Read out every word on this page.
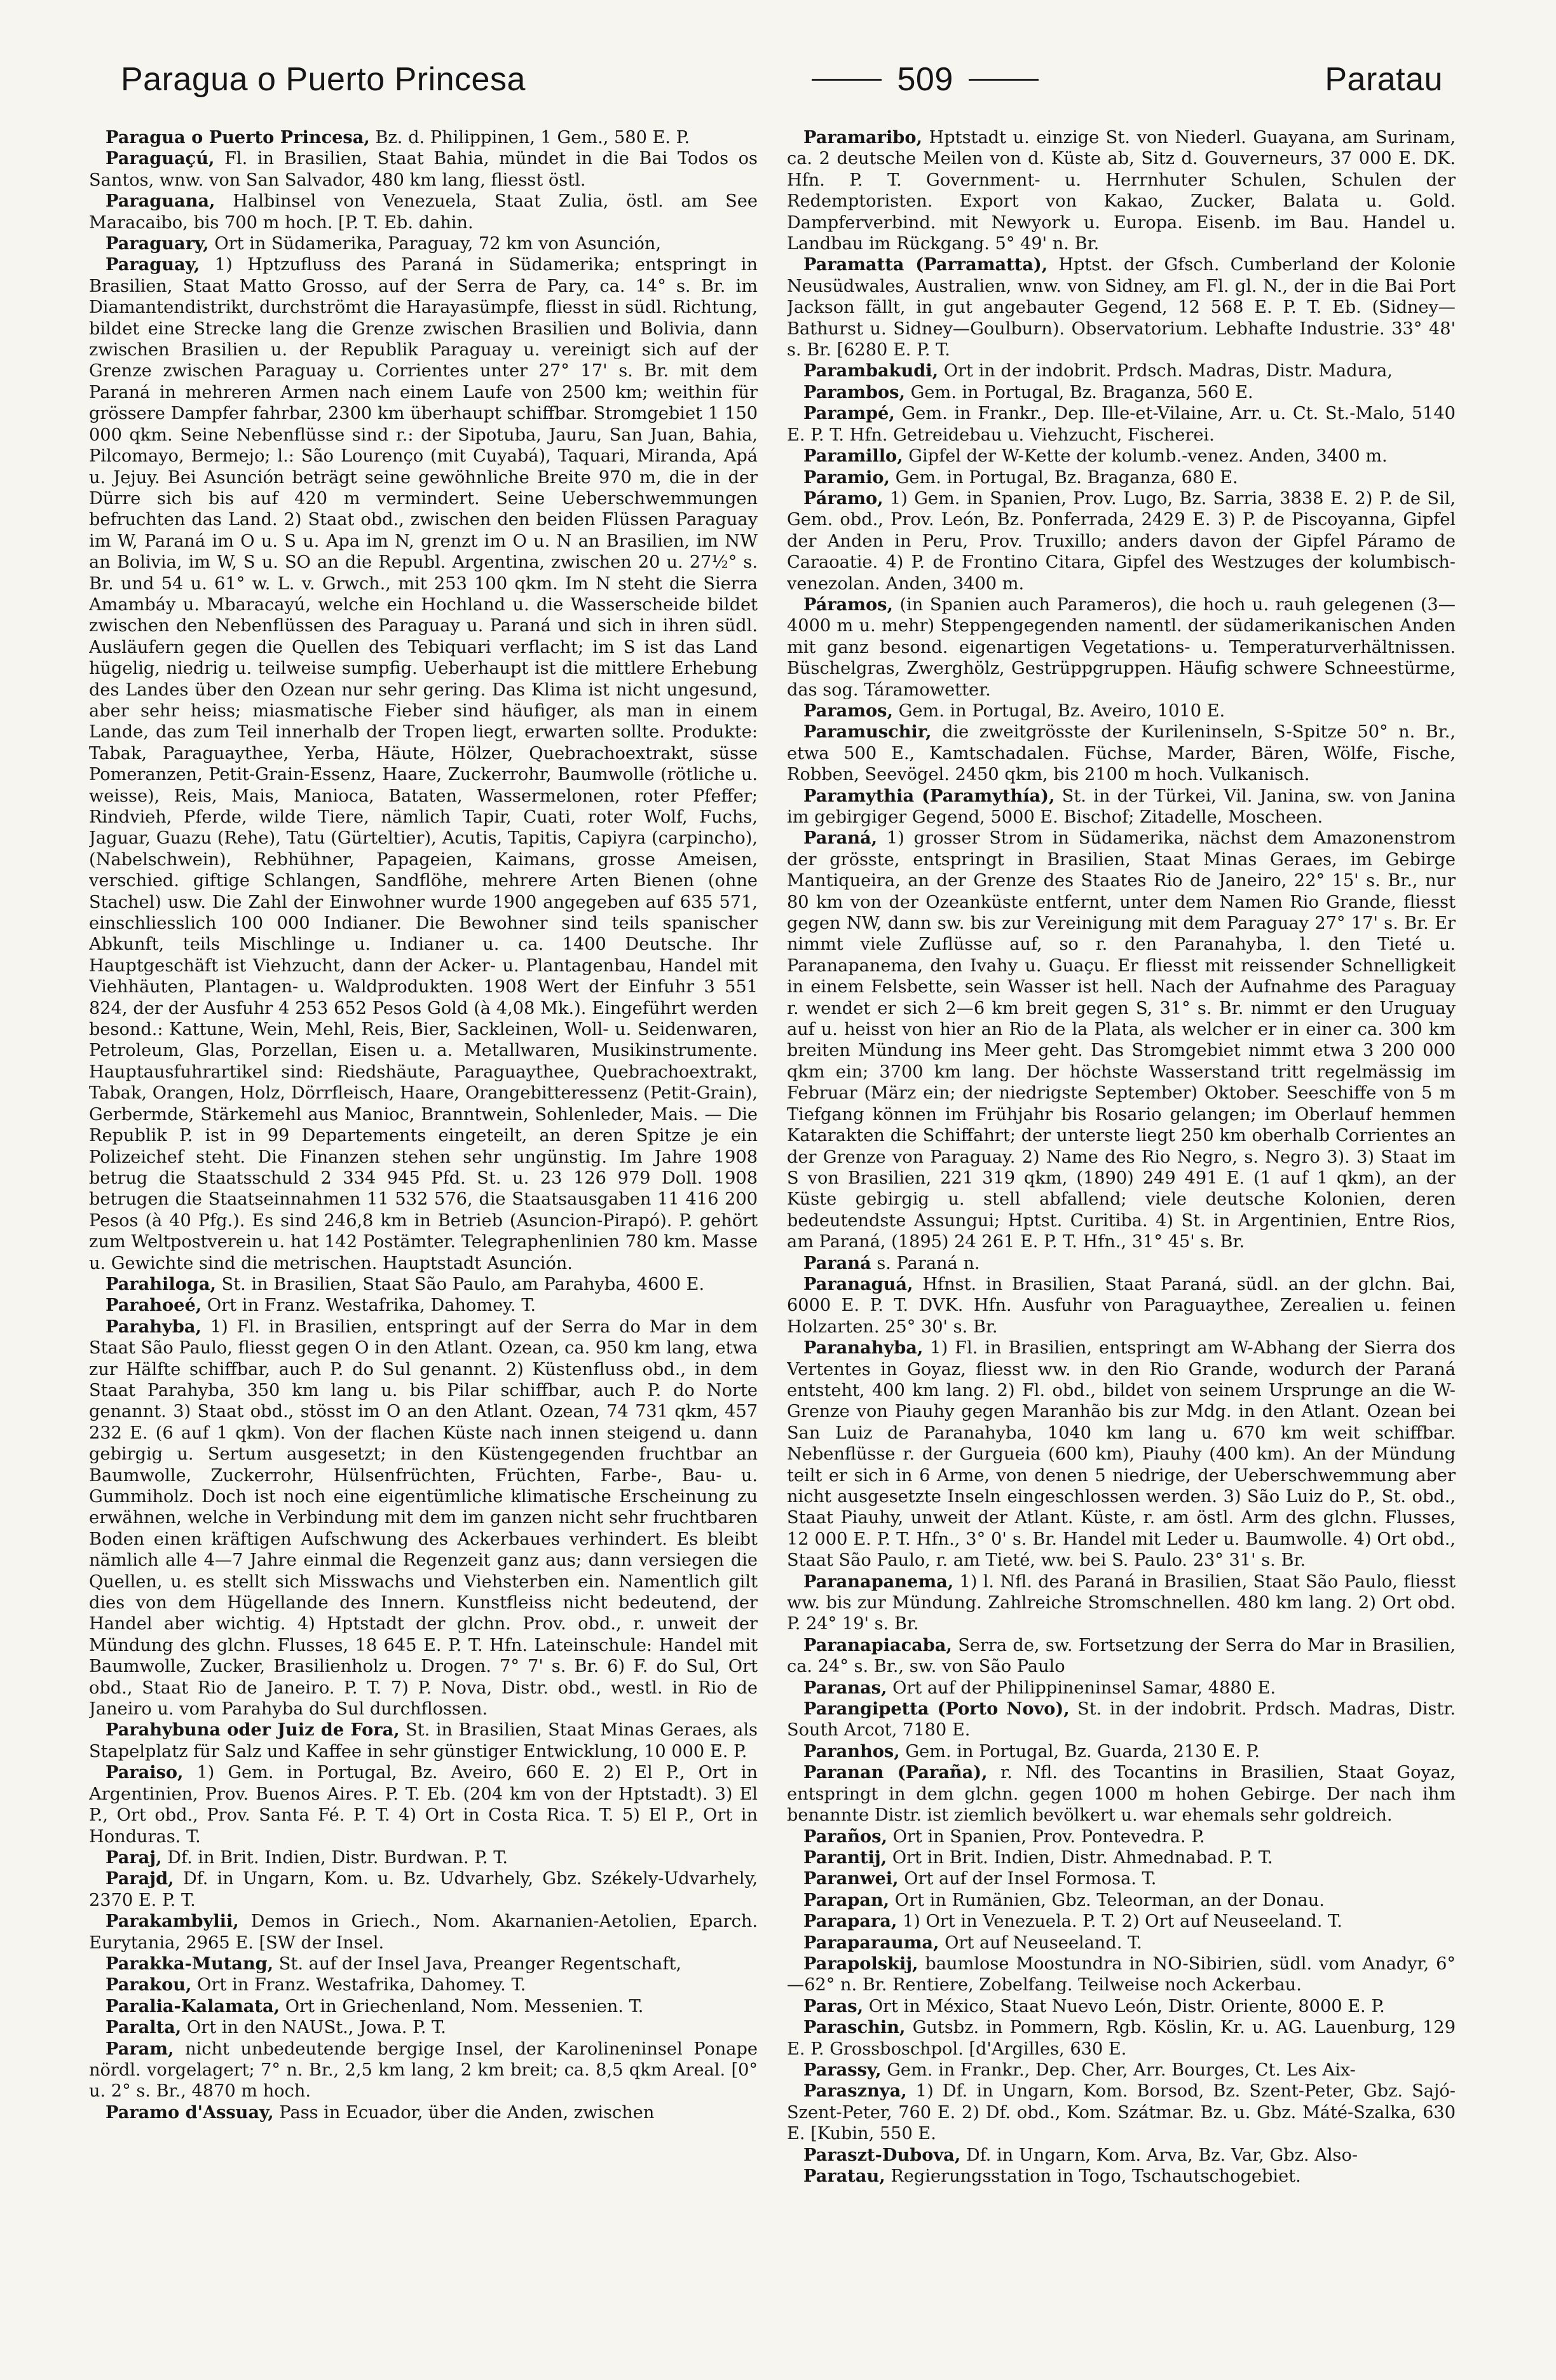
Paragua o Puerto Princesa	509	Paratau

Paragua o Puerto Princesa, Bz. d. Philippinen, 1 Gem., 580 E. P.

Paraguaçú, Fl. in Brasilien, Staat Bahia, mündet in die Bai Todos os Santos, wnw. von San Salvador, 480 km lang, fliesst östl.

Paraguana, Halbinsel von Venezuela, Staat Zulia, östl. am See Maracaibo, bis 700 m hoch. [P. T. Eb. dahin.

Paraguary, Ort in Südamerika, Paraguay, 72 km von Asunción,

Paraguay, 1) Hptzufluss des Paraná in Südamerika; entspringt in Brasilien, Staat Matto Grosso, auf der Serra de Pary, ca. 14° s. Br. im Diamantendistrikt, durchströmt die Harayasümpfe, fliesst in südl. Richtung, bildet eine Strecke lang die Grenze zwischen Brasilien und Bolivia, dann zwischen Brasilien u. der Republik Paraguay u. vereinigt sich auf der Grenze zwischen Paraguay u. Corrientes unter 27° 17' s. Br. mit dem Paraná in mehreren Armen nach einem Laufe von 2500 km; weithin für grössere Dampfer fahrbar, 2300 km überhaupt schiffbar. Stromgebiet 1 150 000 qkm. Seine Nebenflüsse sind r.: der Sipotuba, Jauru, San Juan, Bahia, Pilcomayo, Bermejo; l.: São Lourenço (mit Cuyabá), Taquari, Miranda, Apá u. Jejuy. Bei Asunción beträgt seine gewöhnliche Breite 970 m, die in der Dürre sich bis auf 420 m vermindert. Seine Ueberschwemmungen befruchten das Land. 2) Staat obd., zwischen den beiden Flüssen Paraguay im W, Paraná im O u. S u. Apa im N, grenzt im O u. N an Brasilien, im NW an Bolivia, im W, S u. SO an die Republ. Argentina, zwischen 20 u. 27½° s. Br. und 54 u. 61° w. L. v. Grwch., mit 253 100 qkm. Im N steht die Sierra Amambáy u. Mbaracayú, welche ein Hochland u. die Wasserscheide bildet zwischen den Nebenflüssen des Paraguay u. Paraná und sich in ihren südl. Ausläufern gegen die Quellen des Tebiquari verflacht; im S ist das Land hügelig, niedrig u. teilweise sumpfig. Ueberhaupt ist die mittlere Erhebung des Landes über den Ozean nur sehr gering. Das Klima ist nicht ungesund, aber sehr heiss; miasmatische Fieber sind häufiger, als man in einem Lande, das zum Teil innerhalb der Tropen liegt, erwarten sollte. Produkte: Tabak, Paraguaythee, Yerba, Häute, Hölzer, Quebrachoextrakt, süsse Pomeranzen, Petit-Grain-Essenz, Haare, Zuckerrohr, Baumwolle (rötliche u. weisse), Reis, Mais, Manioca, Bataten, Wassermelonen, roter Pfeffer; Rindvieh, Pferde, wilde Tiere, nämlich Tapir, Cuati, roter Wolf, Fuchs, Jaguar, Guazu (Rehe), Tatu (Gürteltier), Acutis, Tapitis, Capiyra (carpincho), (Nabelschwein), Rebhühner, Papageien, Kaimans, grosse Ameisen, verschied. giftige Schlangen, Sandflöhe, mehrere Arten Bienen (ohne Stachel) usw. Die Zahl der Einwohner wurde 1900 angegeben auf 635 571, einschliesslich 100 000 Indianer. Die Bewohner sind teils spanischer Abkunft, teils Mischlinge u. Indianer u. ca. 1400 Deutsche. Ihr Hauptgeschäft ist Viehzucht, dann der Acker- u. Plantagenbau, Handel mit Viehhäuten, Plantagen- u. Waldprodukten. 1908 Wert der Einfuhr 3 551 824, der der Ausfuhr 4 253 652 Pesos Gold (à 4,08 Mk.). Eingeführt werden besond.: Kattune, Wein, Mehl, Reis, Bier, Sackleinen, Woll- u. Seidenwaren, Petroleum, Glas, Porzellan, Eisen u. a. Metallwaren, Musikinstrumente. Hauptausfuhrartikel sind: Riedshäute, Paraguaythee, Quebrachoextrakt, Tabak, Orangen, Holz, Dörrfleisch, Haare, Orangebitteressenz (Petit-Grain), Gerbermde, Stärkemehl aus Manioc, Branntwein, Sohlenleder, Mais. — Die Republik P. ist in 99 Departements eingeteilt, an deren Spitze je ein Polizeichef steht. Die Finanzen stehen sehr ungünstig. Im Jahre 1908 betrug die Staatsschuld 2 334 945 Pfd. St. u. 23 126 979 Doll. 1908 betrugen die Staatseinnahmen 11 532 576, die Staatsausgaben 11 416 200 Pesos (à 40 Pfg.). Es sind 246,8 km in Betrieb (Asuncion-Pirapó). P. gehört zum Weltpostverein u. hat 142 Postämter. Telegraphenlinien 780 km. Masse u. Gewichte sind die metrischen. Hauptstadt Asunción.

Parahiloga, St. in Brasilien, Staat São Paulo, am Parahyba, 4600 E.

Parahoeé, Ort in Franz. Westafrika, Dahomey. T.

Parahyba, 1) Fl. in Brasilien, entspringt auf der Serra do Mar in dem Staat São Paulo, fliesst gegen O in den Atlant. Ozean, ca. 950 km lang, etwa zur Hälfte schiffbar, auch P. do Sul genannt. 2) Küstenfluss obd., in dem Staat Parahyba, 350 km lang u. bis Pilar schiffbar, auch P. do Norte genannt. 3) Staat obd., stösst im O an den Atlant. Ozean, 74 731 qkm, 457 232 E. (6 auf 1 qkm). Von der flachen Küste nach innen steigend u. dann gebirgig u. Sertum ausgesetzt; in den Küstengegenden fruchtbar an Baumwolle, Zuckerrohr, Hülsenfrüchten, Früchten, Farbe-, Bau- u. Gummiholz. Doch ist noch eine eigentümliche klimatische Erscheinung zu erwähnen, welche in Verbindung mit dem im ganzen nicht sehr fruchtbaren Boden einen kräftigen Aufschwung des Ackerbaues verhindert. Es bleibt nämlich alle 4—7 Jahre einmal die Regenzeit ganz aus; dann versiegen die Quellen, u. es stellt sich Misswachs und Viehsterben ein. Namentlich gilt dies von dem Hügellande des Innern. Kunstfleiss nicht bedeutend, der Handel aber wichtig. 4) Hptstadt der glchn. Prov. obd., r. unweit der Mündung des glchn. Flusses, 18 645 E. P. T. Hfn. Lateinschule: Handel mit Baumwolle, Zucker, Brasilienholz u. Drogen. 7° 7' s. Br. 6) F. do Sul, Ort obd., Staat Rio de Janeiro. P. T. 7) P. Nova, Distr. obd., westl. in Rio de Janeiro u. vom Parahyba do Sul durchflossen.

Parahybuna oder Juiz de Fora, St. in Brasilien, Staat Minas Geraes, als Stapelplatz für Salz und Kaffee in sehr günstiger Entwicklung, 10 000 E. P.

Paraiso, 1) Gem. in Portugal, Bz. Aveiro, 660 E. 2) El P., Ort in Argentinien, Prov. Buenos Aires. P. T. Eb. (204 km von der Hptstadt). 3) El P., Ort obd., Prov. Santa Fé. P. T. 4) Ort in Costa Rica. T. 5) El P., Ort in Honduras. T.

Paraj, Df. in Brit. Indien, Distr. Burdwan. P. T.

Parajd, Df. in Ungarn, Kom. u. Bz. Udvarhely, Gbz. Székely-Udvarhely, 2370 E. P. T.

Parakambylii, Demos in Griech., Nom. Akarnanien-Aetolien, Eparch. Eurytania, 2965 E. [SW der Insel.

Parakka-Mutang, St. auf der Insel Java, Preanger Regentschaft,

Parakou, Ort in Franz. Westafrika, Dahomey. T.

Paralia-Kalamata, Ort in Griechenland, Nom. Messenien. T.

Paralta, Ort in den NAUSt., Jowa. P. T.

Param, nicht unbedeutende bergige Insel, der Karolineninsel Ponape nördl. vorgelagert; 7° n. Br., 2,5 km lang, 2 km breit; ca. 8,5 qkm Areal. [0° u. 2° s. Br., 4870 m hoch.

Paramo d'Assuay, Pass in Ecuador, über die Anden, zwischen

Paramaribo, Hptstadt u. einzige St. von Niederl. Guayana, am Surinam, ca. 2 deutsche Meilen von d. Küste ab, Sitz d. Gouverneurs, 37 000 E. DK. Hfn. P. T. Government- u. Herrnhuter Schulen, Schulen der Redemptoristen. Export von Kakao, Zucker, Balata u. Gold. Dampferverbind. mit Newyork u. Europa. Eisenb. im Bau. Handel u. Landbau im Rückgang. 5° 49' n. Br.

Paramatta (Parramatta), Hptst. der Gfsch. Cumberland der Kolonie Neusüdwales, Australien, wnw. von Sidney, am Fl. gl. N., der in die Bai Port Jackson fällt, in gut angebauter Gegend, 12 568 E. P. T. Eb. (Sidney—Bathurst u. Sidney—Goulburn). Observatorium. Lebhafte Industrie. 33° 48' s. Br. [6280 E. P. T.

Parambakudi, Ort in der indobrit. Prdsch. Madras, Distr. Madura,

Parambos, Gem. in Portugal, Bz. Braganza, 560 E.

Parampé, Gem. in Frankr., Dep. Ille-et-Vilaine, Arr. u. Ct. St.-Malo, 5140 E. P. T. Hfn. Getreidebau u. Viehzucht, Fischerei.

Paramillo, Gipfel der W-Kette der kolumb.-venez. Anden, 3400 m.

Paramio, Gem. in Portugal, Bz. Braganza, 680 E.

Páramo, 1) Gem. in Spanien, Prov. Lugo, Bz. Sarria, 3838 E. 2) P. de Sil, Gem. obd., Prov. León, Bz. Ponferrada, 2429 E. 3) P. de Piscoyanna, Gipfel der Anden in Peru, Prov. Truxillo; anders davon der Gipfel Páramo de Caraoatie. 4) P. de Frontino Citara, Gipfel des Westzuges der kolumbisch-venezolan. Anden, 3400 m.

Páramos, (in Spanien auch Parameros), die hoch u. rauh gelegenen (3—4000 m u. mehr) Steppengegenden namentl. der südamerikanischen Anden mit ganz besond. eigenartigen Vegetations- u. Temperaturverhältnissen. Büschelgras, Zwerghölz, Gestrüppgruppen. Häufig schwere Schneestürme, das sog. Táramowetter.

Paramos, Gem. in Portugal, Bz. Aveiro, 1010 E.

Paramuschir, die zweitgrösste der Kurileninseln, S-Spitze 50° n. Br., etwa 500 E., Kamtschadalen. Füchse, Marder, Bären, Wölfe, Fische, Robben, Seevögel. 2450 qkm, bis 2100 m hoch. Vulkanisch.

Paramythia (Paramythía), St. in der Türkei, Vil. Janina, sw. von Janina im gebirgiger Gegend, 5000 E. Bischof; Zitadelle, Moscheen.

Paraná, 1) grosser Strom in Südamerika, nächst dem Amazonenstrom der grösste, entspringt in Brasilien, Staat Minas Geraes, im Gebirge Mantiqueira, an der Grenze des Staates Rio de Janeiro, 22° 15' s. Br., nur 80 km von der Ozeanküste entfernt, unter dem Namen Rio Grande, fliesst gegen NW, dann sw. bis zur Vereinigung mit dem Paraguay 27° 17' s. Br. Er nimmt viele Zuflüsse auf, so r. den Paranahyba, l. den Tieté u. Paranapanema, den Ivahy u. Guaçu. Er fliesst mit reissender Schnelligkeit in einem Felsbette, sein Wasser ist hell. Nach der Aufnahme des Paraguay r. wendet er sich 2—6 km breit gegen S, 31° s. Br. nimmt er den Uruguay auf u. heisst von hier an Rio de la Plata, als welcher er in einer ca. 300 km breiten Mündung ins Meer geht. Das Stromgebiet nimmt etwa 3 200 000 qkm ein; 3700 km lang. Der höchste Wasserstand tritt regelmässig im Februar (März ein; der niedrigste September) Oktober. Seeschiffe von 5 m Tiefgang können im Frühjahr bis Rosario gelangen; im Oberlauf hemmen Katarakten die Schiffahrt; der unterste liegt 250 km oberhalb Corrientes an der Grenze von Paraguay. 2) Name des Rio Negro, s. Negro 3). 3) Staat im S von Brasilien, 221 319 qkm, (1890) 249 491 E. (1 auf 1 qkm), an der Küste gebirgig u. stell abfallend; viele deutsche Kolonien, deren bedeutendste Assungui; Hptst. Curitiba. 4) St. in Argentinien, Entre Rios, am Paraná, (1895) 24 261 E. P. T. Hfn., 31° 45' s. Br.

Paraná s. Paraná n.

Paranaguá, Hfnst. in Brasilien, Staat Paraná, südl. an der glchn. Bai, 6000 E. P. T. DVK. Hfn. Ausfuhr von Paraguaythee, Zerealien u. feinen Holzarten. 25° 30' s. Br.

Paranahyba, 1) Fl. in Brasilien, entspringt am W-Abhang der Sierra dos Vertentes in Goyaz, fliesst ww. in den Rio Grande, wodurch der Paraná entsteht, 400 km lang. 2) Fl. obd., bildet von seinem Ursprunge an die W-Grenze von Piauhy gegen Maranhão bis zur Mdg. in den Atlant. Ozean bei San Luiz de Paranahyba, 1040 km lang u. 670 km weit schiffbar. Nebenflüsse r. der Gurgueia (600 km), Piauhy (400 km). An der Mündung teilt er sich in 6 Arme, von denen 5 niedrige, der Ueberschwemmung aber nicht ausgesetzte Inseln eingeschlossen werden. 3) São Luiz do P., St. obd., Staat Piauhy, unweit der Atlant. Küste, r. am östl. Arm des glchn. Flusses, 12 000 E. P. T. Hfn., 3° 0' s. Br. Handel mit Leder u. Baumwolle. 4) Ort obd., Staat São Paulo, r. am Tieté, ww. bei S. Paulo. 23° 31' s. Br.

Paranapanema, 1) l. Nfl. des Paraná in Brasilien, Staat São Paulo, fliesst ww. bis zur Mündung. Zahlreiche Stromschnellen. 480 km lang. 2) Ort obd. P. 24° 19' s. Br.

Paranapiacaba, Serra de, sw. Fortsetzung der Serra do Mar in Brasilien, ca. 24° s. Br., sw. von São Paulo

Paranas, Ort auf der Philippineninsel Samar, 4880 E.

Parangipetta (Porto Novo), St. in der indobrit. Prdsch. Madras, Distr. South Arcot, 7180 E.

Paranhos, Gem. in Portugal, Bz. Guarda, 2130 E. P.

Paranan (Paraña), r. Nfl. des Tocantins in Brasilien, Staat Goyaz, entspringt in dem glchn. gegen 1000 m hohen Gebirge. Der nach ihm benannte Distr. ist ziemlich bevölkert u. war ehemals sehr goldreich.

Paraños, Ort in Spanien, Prov. Pontevedra. P.

Parantij, Ort in Brit. Indien, Distr. Ahmednabad. P. T.

Paranwei, Ort auf der Insel Formosa. T.

Parapan, Ort in Rumänien, Gbz. Teleorman, an der Donau.

Parapara, 1) Ort in Venezuela. P. T. 2) Ort auf Neuseeland. T.

Paraparauma, Ort auf Neuseeland. T.

Parapolskij, baumlose Moostundra in NO-Sibirien, südl. vom Anadyr, 6°—62° n. Br. Rentiere, Zobelfang. Teilweise noch Ackerbau.

Paras, Ort in México, Staat Nuevo León, Distr. Oriente, 8000 E. P.

Paraschin, Gutsbz. in Pommern, Rgb. Köslin, Kr. u. AG. Lauenburg, 129 E. P. Grossboschpol. [d'Argilles, 630 E.

Parassy, Gem. in Frankr., Dep. Cher, Arr. Bourges, Ct. Les Aix-

Parasznya, 1) Df. in Ungarn, Kom. Borsod, Bz. Szent-Peter, Gbz. Sajó-Szent-Peter, 760 E. 2) Df. obd., Kom. Szátmar. Bz. u. Gbz. Máté-Szalka, 630 E. [Kubin, 550 E.

Paraszt-Dubova, Df. in Ungarn, Kom. Arva, Bz. Var, Gbz. Also-

Paratau, Regierungsstation in Togo, Tschautschogebiet.
